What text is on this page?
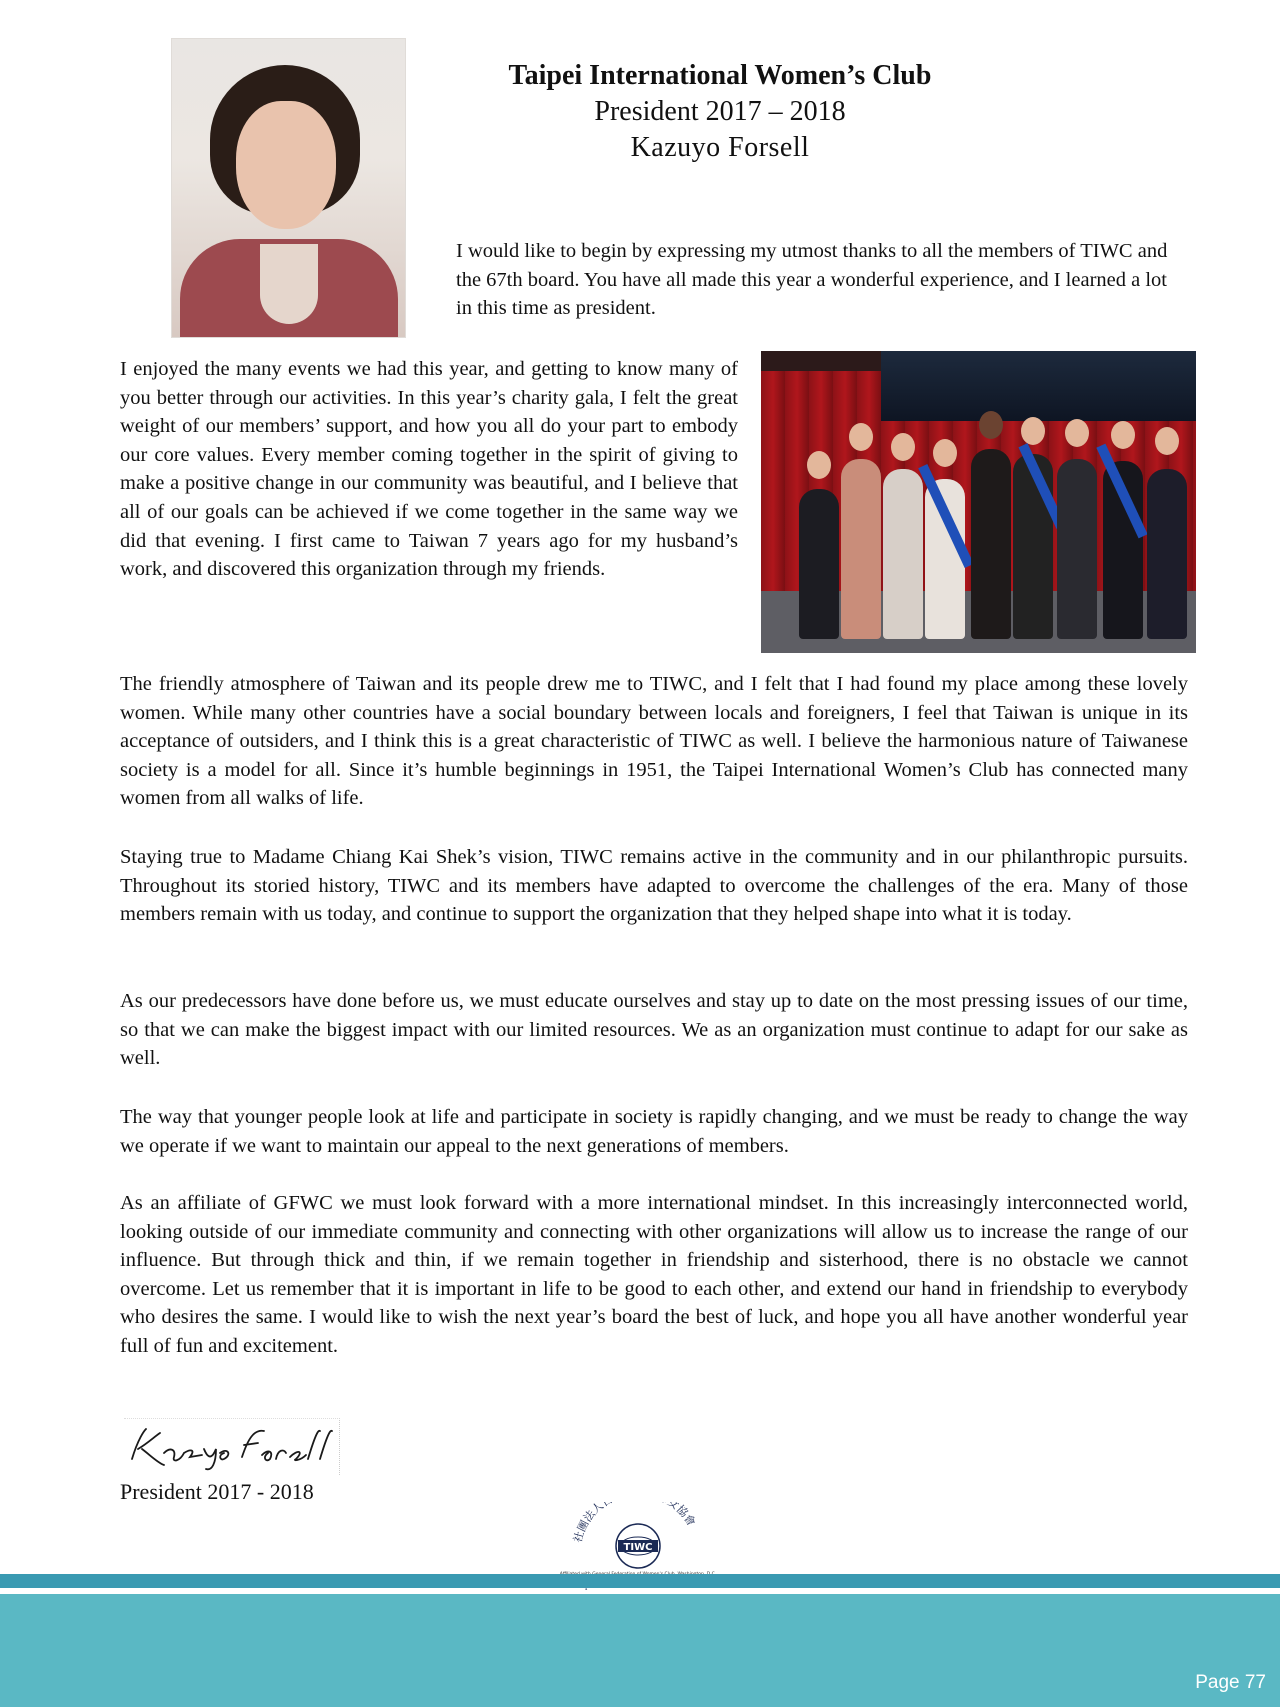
Taipei International Women’s Club
President 2017 – 2018
Kazuyo Forsell

I would like to begin by expressing my utmost thanks to all the members of TIWC and the 67th board. You have all made this year a wonderful experience, and I learned a lot in this time as president.

I enjoyed the many events we had this year, and getting to know many of you better through our activities. In this year’s charity gala, I felt the great weight of our members’ support, and how you all do your part to embody our core values. Every member coming together in the spirit of giving to make a positive change in our community was beautiful, and I believe that all of our goals can be achieved if we come together in the same way we did that evening. I first came to Taiwan 7 years ago for my husband’s work, and discovered this organization through my friends.

The friendly atmosphere of Taiwan and its people drew me to TIWC, and I felt that I had found my place among these lovely women. While many other countries have a social boundary between locals and foreigners, I feel that Taiwan is unique in its acceptance of outsiders, and I think this is a great characteristic of TIWC as well. I believe the harmonious nature of Taiwanese society is a model for all. Since it’s humble beginnings in 1951, the Taipei International Women’s Club has connected many women from all walks of life.

Staying true to Madame Chiang Kai Shek’s vision, TIWC remains active in the community and in our philanthropic pursuits. Throughout its storied history, TIWC and its members have adapted to overcome the challenges of the era. Many of those members remain with us today, and continue to support the organization that they helped shape into what it is today.

As our predecessors have done before us, we must educate ourselves and stay up to date on the most pressing issues of our time, so that we can make the biggest impact with our limited resources. We as an organization must continue to adapt for our sake as well.

The way that younger people look at life and participate in society is rapidly changing, and we must be ready to change the way we operate if we want to maintain our appeal to the next generations of members.

As an affiliate of GFWC we must look forward with a more international mindset. In this increasingly interconnected world, looking outside of our immediate community and connecting with other organizations will allow us to increase the range of our influence. But through thick and thin, if we remain together in friendship and sisterhood, there is no obstacle we cannot overcome. Let us remember that it is important in life to be good to each other, and extend our hand in friendship to everybody who desires the same. I would like to wish the next year’s board the best of luck, and hope you all have another wonderful year full of fun and excitement.

President 2017 - 2018
社團法人 女協會
TIWC
Page 77
